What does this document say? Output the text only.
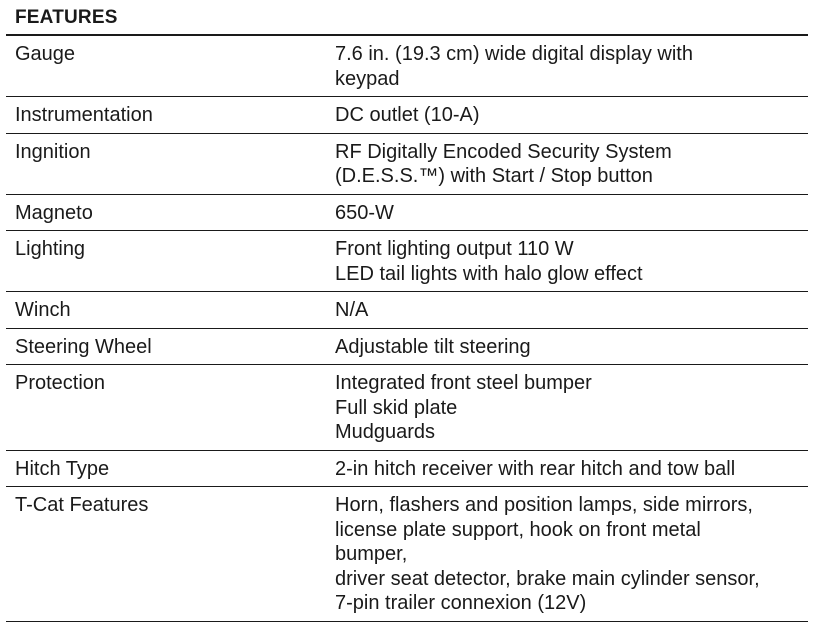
FEATURES
Gauge	7.6 in. (19.3 cm) wide digital display with
keypad
Instrumentation	DC outlet (10-A)
Ingnition	RF Digitally Encoded Security System
(D.E.S.S.™) with Start / Stop button
Magneto	650-W
Lighting	Front lighting output 110 W
LED tail lights with halo glow effect
Winch	N/A
Steering Wheel	Adjustable tilt steering
Protection	Integrated front steel bumper
Full skid plate
Mudguards
Hitch Type	2-in hitch receiver with rear hitch and tow ball
T-Cat Features	Horn, flashers and position lamps, side mirrors,
license plate support, hook on front metal
bumper,
driver seat detector, brake main cylinder sensor,
7-pin trailer connexion (12V)
